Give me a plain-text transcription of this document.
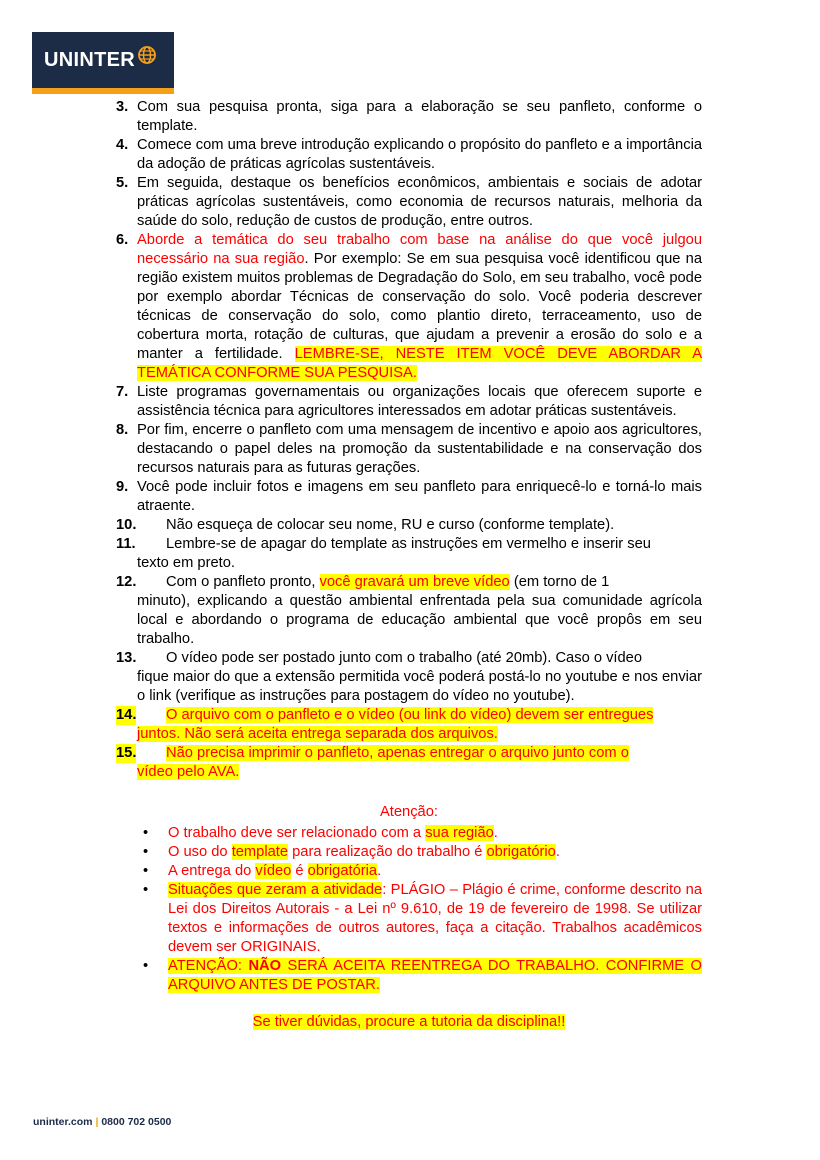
UNINTER
3. Com sua pesquisa pronta, siga para a elaboração se seu panfleto, conforme o template.
4. Comece com uma breve introdução explicando o propósito do panfleto e a importância da adoção de práticas agrícolas sustentáveis.
5. Em seguida, destaque os benefícios econômicos, ambientais e sociais de adotar práticas agrícolas sustentáveis, como economia de recursos naturais, melhoria da saúde do solo, redução de custos de produção, entre outros.
6. Aborde a temática do seu trabalho com base na análise do que você julgou necessário na sua região. Por exemplo: Se em sua pesquisa você identificou que na região existem muitos problemas de Degradação do Solo, em seu trabalho, você pode por exemplo abordar Técnicas de conservação do solo. Você poderia descrever técnicas de conservação do solo, como plantio direto, terraceamento, uso de cobertura morta, rotação de culturas, que ajudam a prevenir a erosão do solo e a manter a fertilidade. LEMBRE-SE, NESTE ITEM VOCÊ DEVE ABORDAR A TEMÁTICA CONFORME SUA PESQUISA.
7. Liste programas governamentais ou organizações locais que oferecem suporte e assistência técnica para agricultores interessados em adotar práticas sustentáveis.
8. Por fim, encerre o panfleto com uma mensagem de incentivo e apoio aos agricultores, destacando o papel deles na promoção da sustentabilidade e na conservação dos recursos naturais para as futuras gerações.
9. Você pode incluir fotos e imagens em seu panfleto para enriquecê-lo e torná-lo mais atraente.
10. Não esqueça de colocar seu nome, RU e curso (conforme template).
11. Lembre-se de apagar do template as instruções em vermelho e inserir seu
texto em preto.
12. Com o panfleto pronto, você gravará um breve vídeo (em torno de 1
minuto), explicando a questão ambiental enfrentada pela sua comunidade agrícola local e abordando o programa de educação ambiental que você propôs em seu trabalho.
13. O vídeo pode ser postado junto com o trabalho (até 20mb). Caso o vídeo
fique maior do que a extensão permitida você poderá postá-lo no youtube e nos enviar o link (verifique as instruções para postagem do vídeo no youtube).
14. O arquivo com o panfleto e o vídeo (ou link do vídeo) devem ser entregues
juntos. Não será aceita entrega separada dos arquivos.
15. Não precisa imprimir o panfleto, apenas entregar o arquivo junto com o
vídeo pelo AVA.
Atenção:
• O trabalho deve ser relacionado com a sua região.
• O uso do template para realização do trabalho é obrigatório.
• A entrega do vídeo é obrigatória.
• Situações que zeram a atividade: PLÁGIO – Plágio é crime, conforme descrito na Lei dos Direitos Autorais - a Lei nº 9.610, de 19 de fevereiro de 1998. Se utilizar textos e informações de outros autores, faça a citação. Trabalhos acadêmicos devem ser ORIGINAIS.
• ATENÇÃO: NÃO SERÁ ACEITA REENTREGA DO TRABALHO. CONFIRME O ARQUIVO ANTES DE POSTAR.
Se tiver dúvidas, procure a tutoria da disciplina!!
uninter.com | 0800 702 0500
